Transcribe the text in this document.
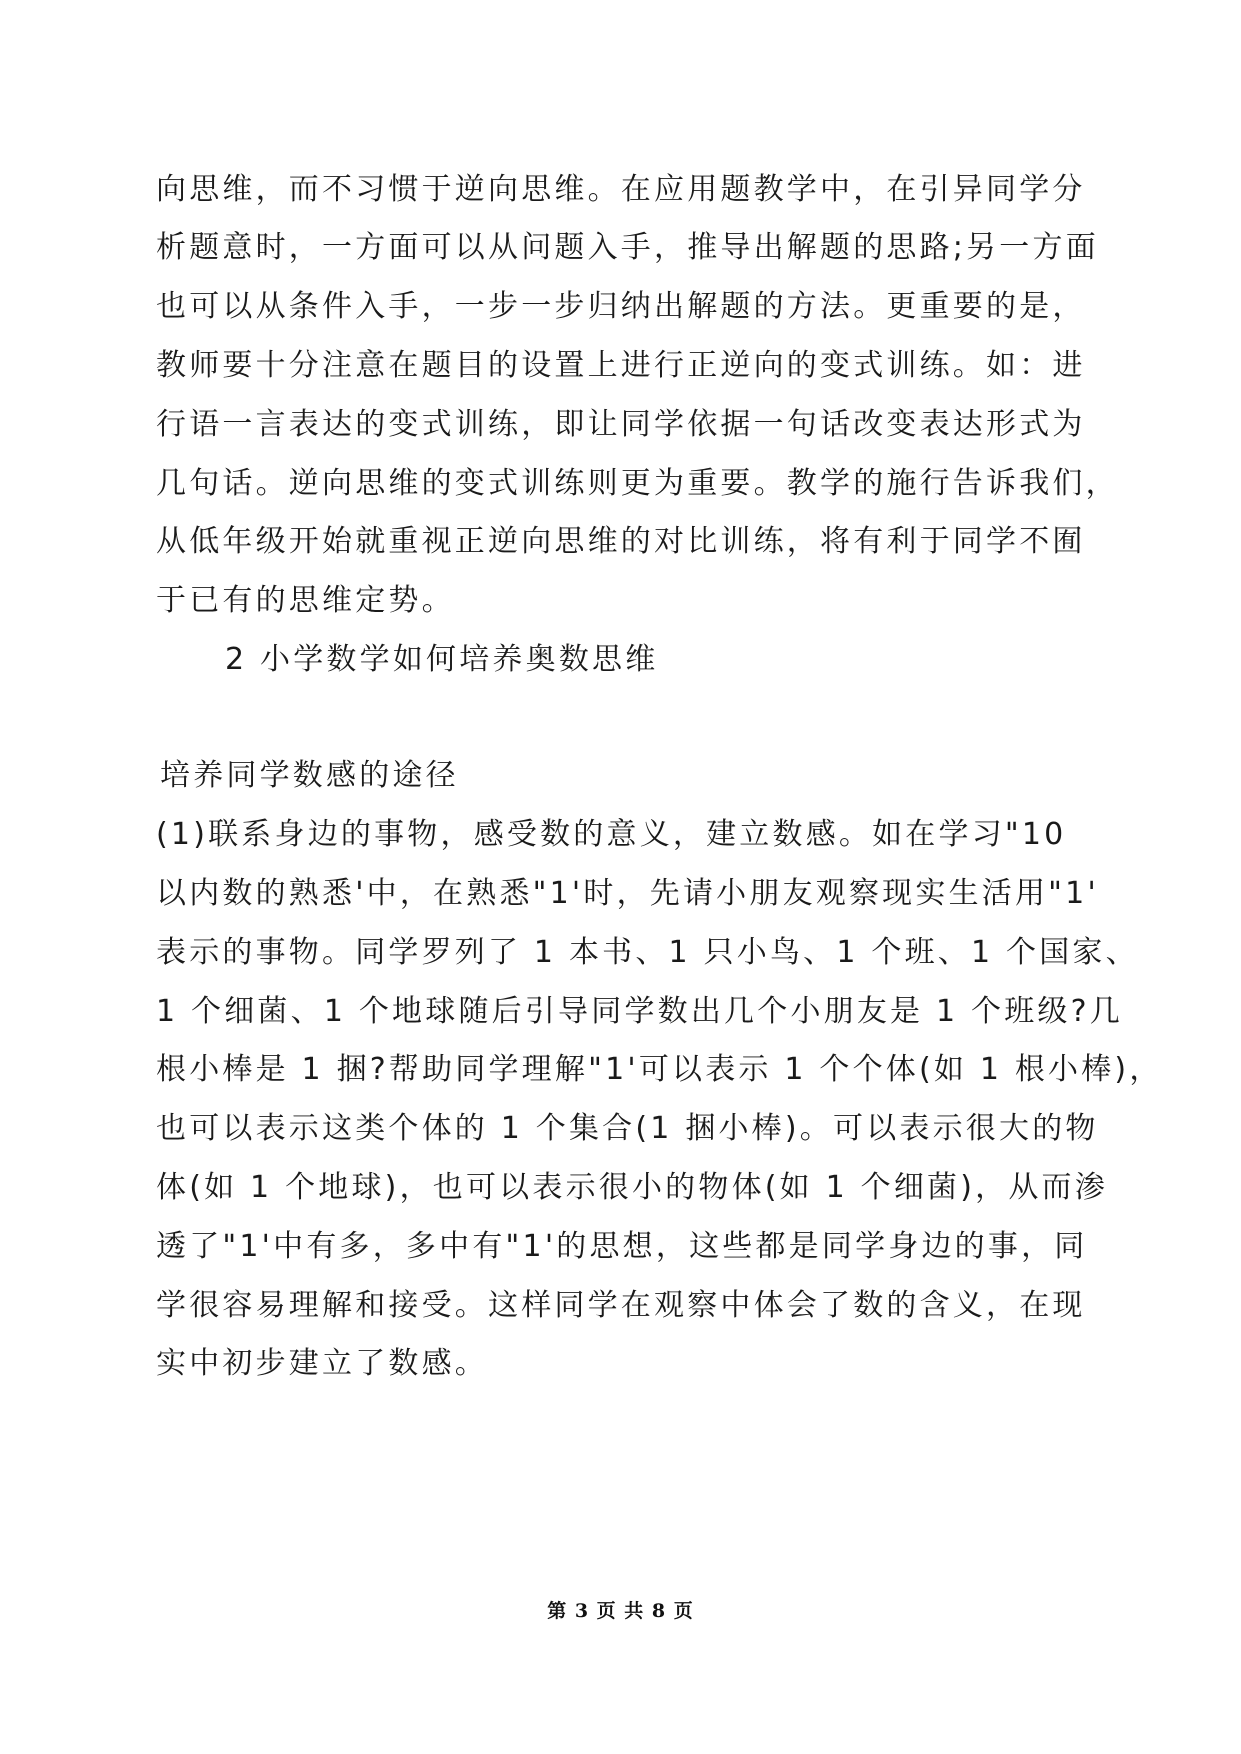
向思维，而不习惯于逆向思维。在应用题教学中，在引异同学分
析题意时，一方面可以从问题入手，推导出解题的思路;另一方面
也可以从条件入手，一步一步归纳出解题的方法。更重要的是，
教师要十分注意在题目的设置上进行正逆向的变式训练。如：进
行语一言表达的变式训练，即让同学依据一句话改变表达形式为
几句话。逆向思维的变式训练则更为重要。教学的施行告诉我们，
从低年级开始就重视正逆向思维的对比训练，将有利于同学不囿
于已有的思维定势。
2 小学数学如何培养奥数思维
培养同学数感的途径
(1)联系身边的事物，感受数的意义，建立数感。如在学习"10
以内数的熟悉'中，在熟悉"1'时，先请小朋友观察现实生活用"1'
表示的事物。同学罗列了 1 本书、1 只小鸟、1 个班、1 个国家、
1 个细菌、1 个地球随后引导同学数出几个小朋友是 1 个班级?几
根小棒是 1 捆?帮助同学理解"1'可以表示 1 个个体(如 1 根小棒)，
也可以表示这类个体的 1 个集合(1 捆小棒)。可以表示很大的物
体(如 1 个地球)，也可以表示很小的物体(如 1 个细菌)，从而渗
透了"1'中有多，多中有"1'的思想，这些都是同学身边的事，同
学很容易理解和接受。这样同学在观察中体会了数的含义，在现
实中初步建立了数感。
第 3 页 共 8 页
